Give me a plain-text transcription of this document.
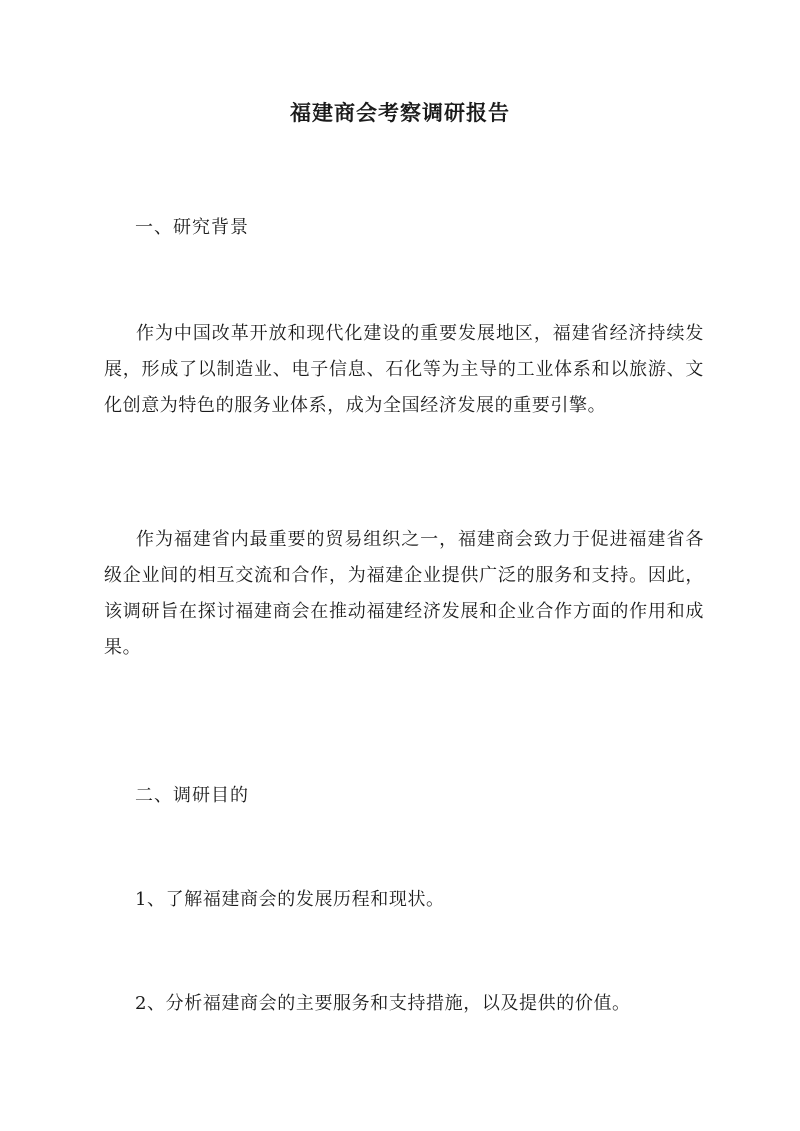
福建商会考察调研报告
一、研究背景
作为中国改革开放和现代化建设的重要发展地区，福建省经济持续发展，形成了以制造业、电子信息、石化等为主导的工业体系和以旅游、文化创意为特色的服务业体系，成为全国经济发展的重要引擎。
作为福建省内最重要的贸易组织之一，福建商会致力于促进福建省各级企业间的相互交流和合作，为福建企业提供广泛的服务和支持。因此，该调研旨在探讨福建商会在推动福建经济发展和企业合作方面的作用和成果。
二、调研目的
1、了解福建商会的发展历程和现状。
2、分析福建商会的主要服务和支持措施，以及提供的价值。
